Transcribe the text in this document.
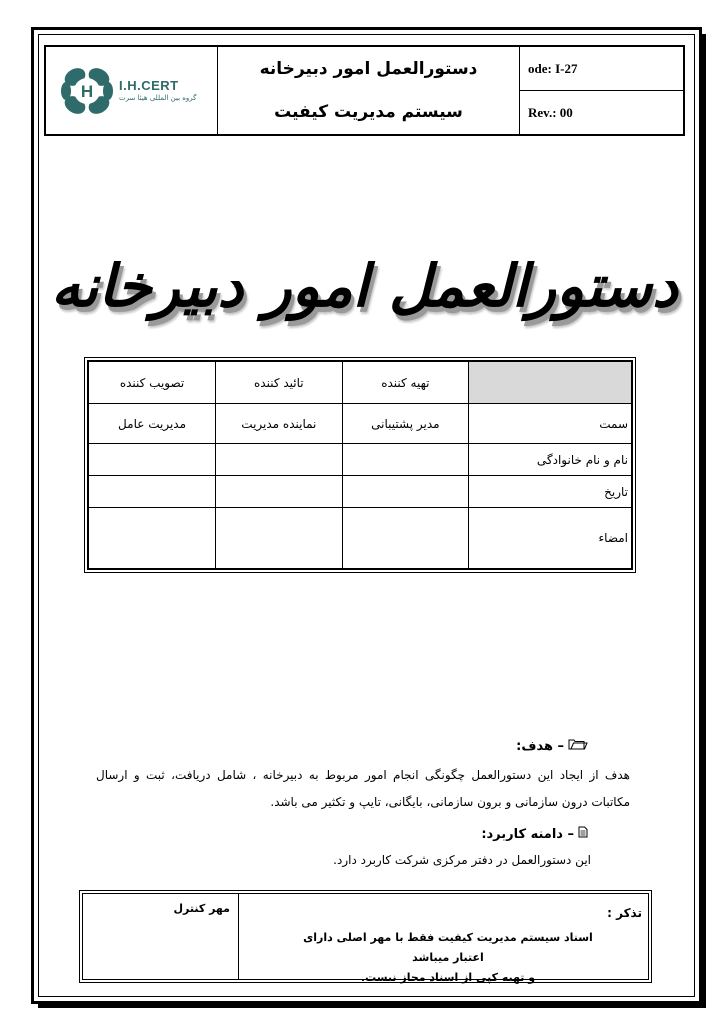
H I.H.CERT
گروه بین المللی هیئا سرت
دستورالعمل امور دبیرخانه
سیستم مدیریت کیفیت
ode: I-27
Rev.: 00
دستورالعمل امور دبیرخانه
	تهیه کننده	تائید کننده	تصویب کننده
سمت	مدیر پشتیبانی	نماینده مدیریت	مدیریت عامل
نام و نام خانوادگی			
تاریخ			
امضاء			
– هدف:
هدف از ایجاد این دستورالعمل چگونگی انجام امور مربوط به دبیرخانه ، شامل دریافت، ثبت و ارسال مکاتبات درون سازمانی و برون سازمانی، بایگانی، تایپ و تکثیر می باشد.
– دامنه کاربرد:
این دستورالعمل در دفتر مرکزی شرکت کاربرد دارد.
تذکر :
اسناد سیستم مدیریت کیفیت فقط با مهر اصلی دارای اعتبار میباشد
و تهیه کپی از اسناد مجاز نیست.
مهر کنترل
